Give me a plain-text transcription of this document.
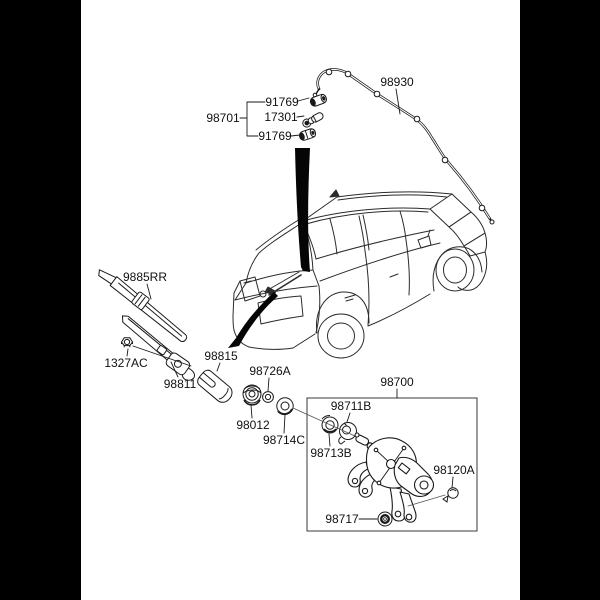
91769
98701 17301
91769
98930
9885RR
1327AC
98811
98815
98726A
98012
98714C
98713B
98711B
98700
98120A
98717
